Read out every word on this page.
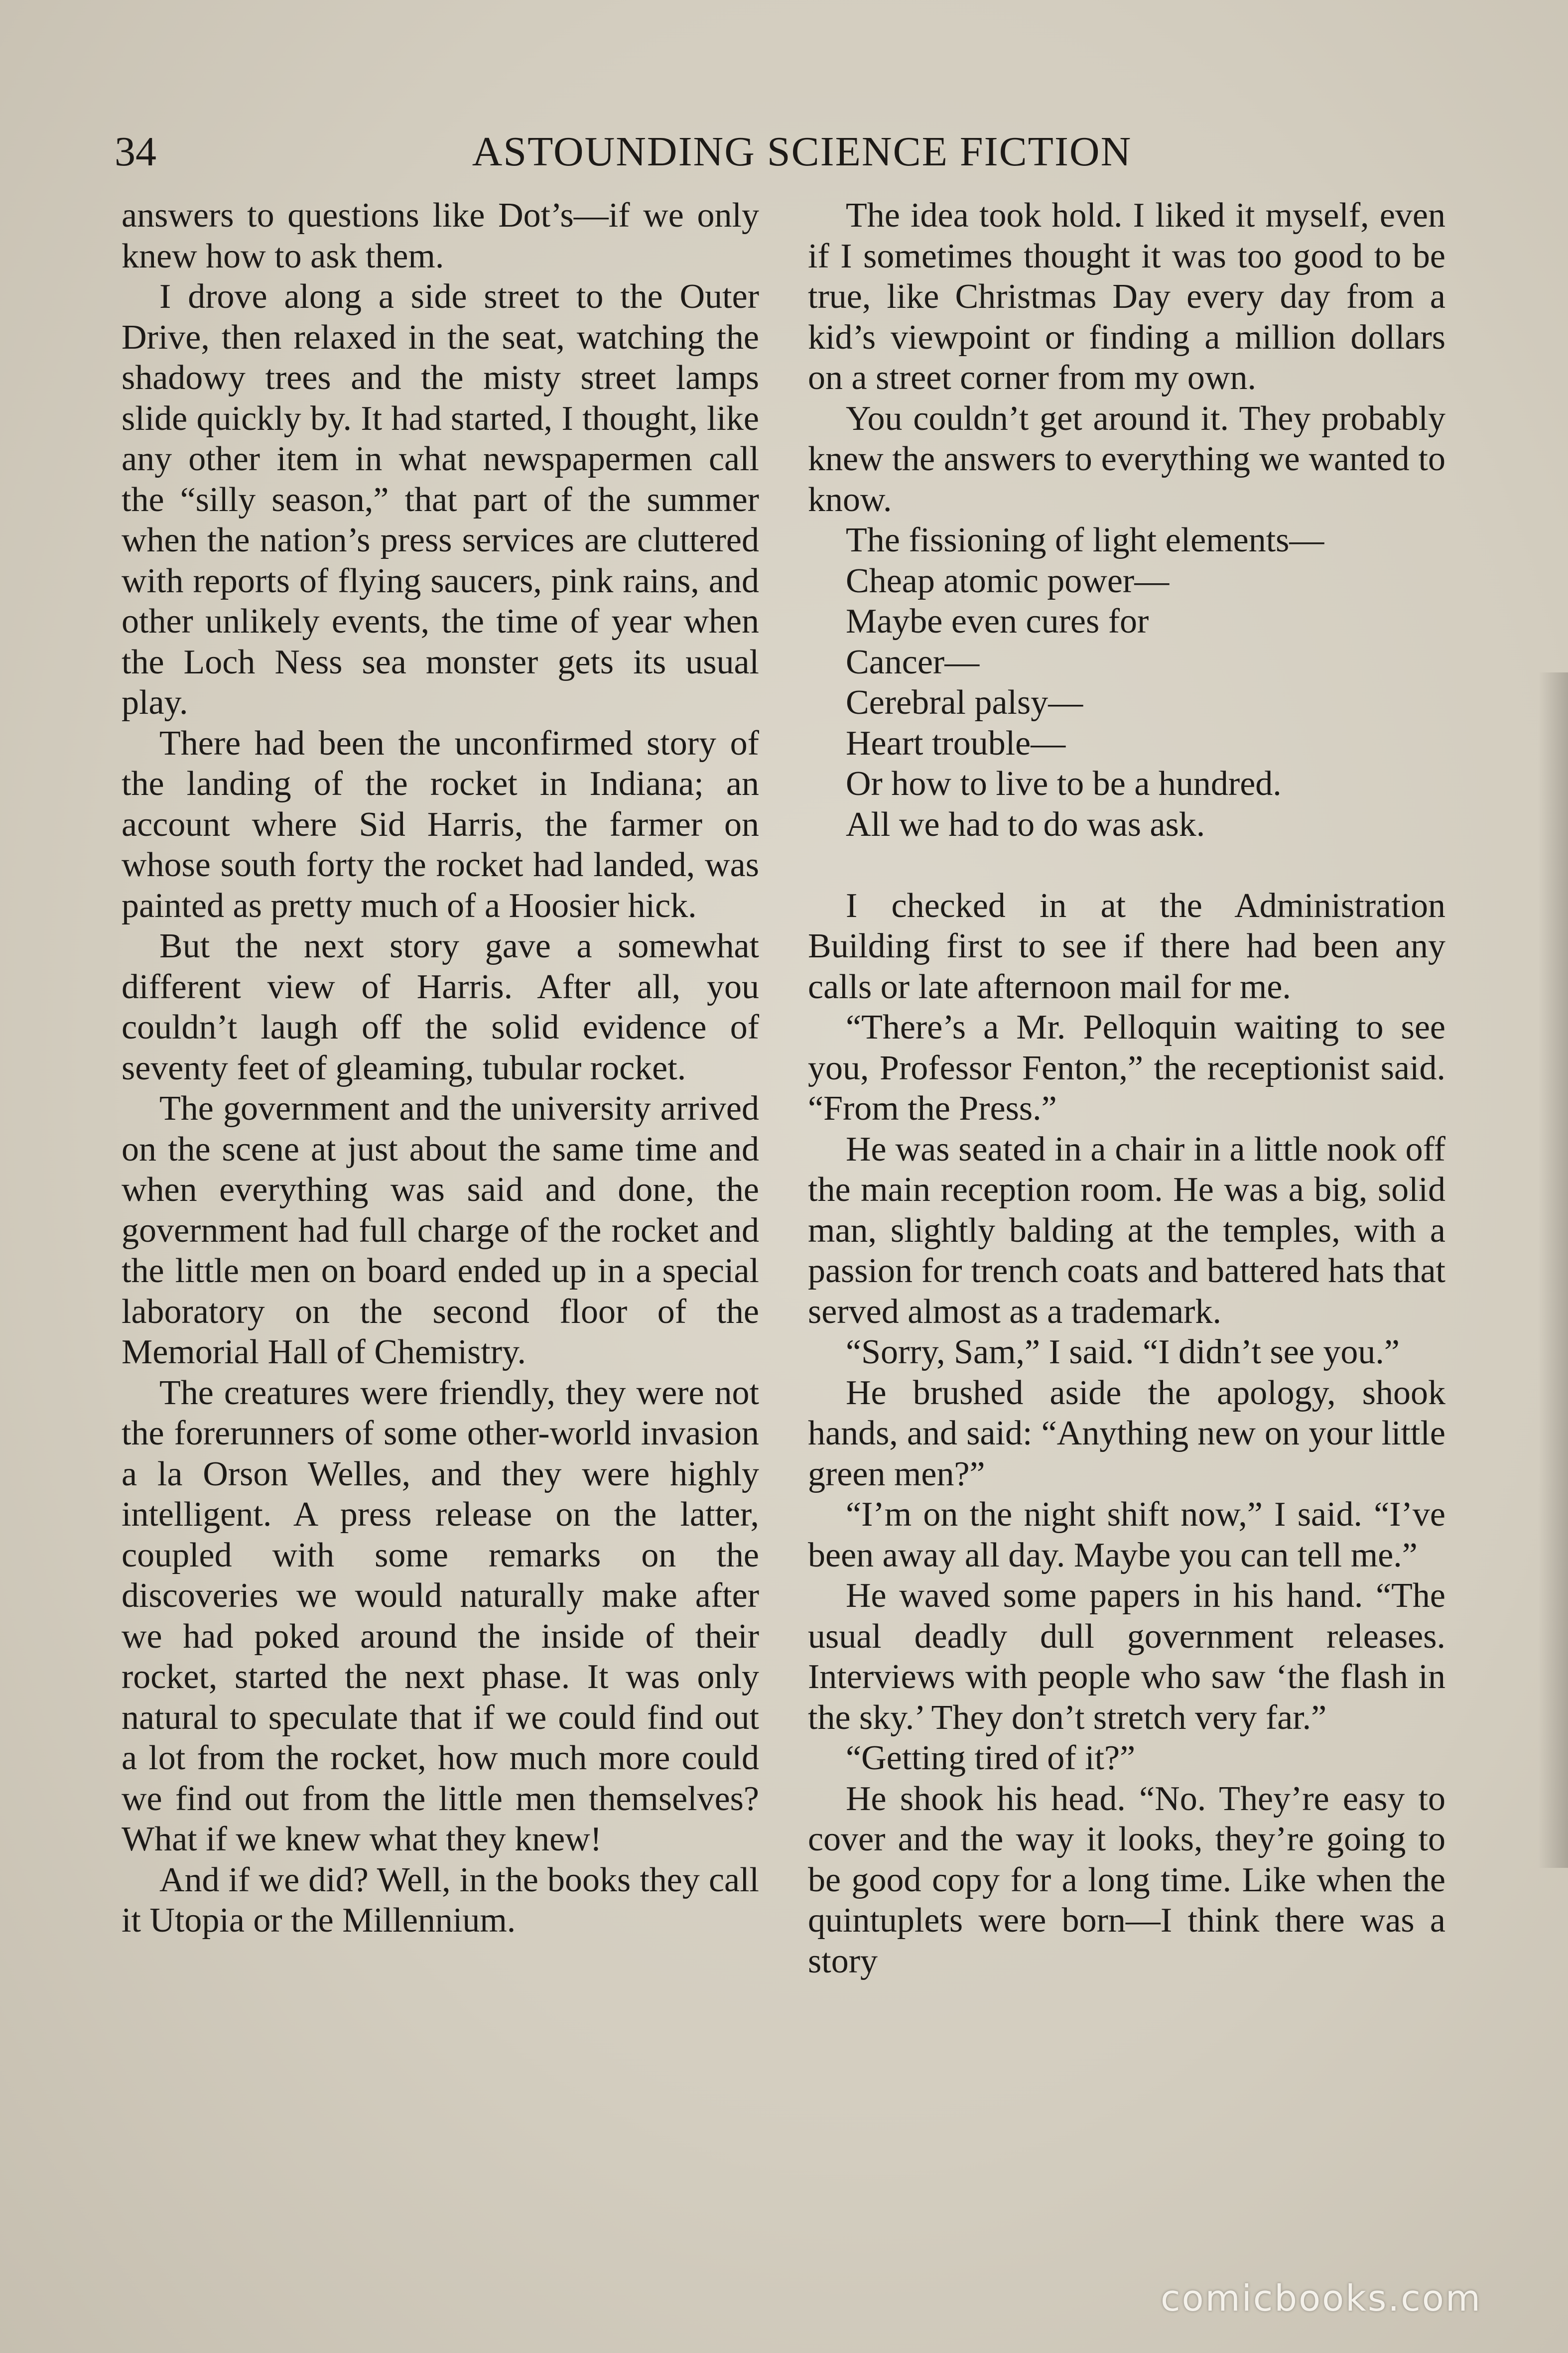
34	ASTOUNDING SCIENCE FICTION

answers to questions like Dot’s—if we only knew how to ask them.

I drove along a side street to the Outer Drive, then relaxed in the seat, watching the shadowy trees and the misty street lamps slide quickly by. It had started, I thought, like any other item in what newspapermen call the “silly season,” that part of the summer when the nation’s press services are cluttered with reports of flying saucers, pink rains, and other unlikely events, the time of year when the Loch Ness sea monster gets its usual play.

There had been the unconfirmed story of the landing of the rocket in Indiana; an account where Sid Harris, the farmer on whose south forty the rocket had landed, was painted as pretty much of a Hoosier hick.

But the next story gave a somewhat different view of Harris. After all, you couldn’t laugh off the solid evidence of seventy feet of gleaming, tubular rocket.

The government and the university arrived on the scene at just about the same time and when everything was said and done, the government had full charge of the rocket and the little men on board ended up in a special laboratory on the second floor of the Memorial Hall of Chemistry.

The creatures were friendly, they were not the forerunners of some other-world invasion a la Orson Welles, and they were highly intelligent. A press release on the latter, coupled with some remarks on the discoveries we would naturally make after we had poked around the inside of their rocket, started the next phase. It was only natural to speculate that if we could find out a lot from the rocket, how much more could we find out from the little men themselves? What if we knew what they knew!

And if we did? Well, in the books they call it Utopia or the Millennium.

The idea took hold. I liked it myself, even if I sometimes thought it was too good to be true, like Christmas Day every day from a kid’s viewpoint or finding a million dollars on a street corner from my own.

You couldn’t get around it. They probably knew the answers to everything we wanted to know.

The fissioning of light elements—

Cheap atomic power—

Maybe even cures for

Cancer—

Cerebral palsy—

Heart trouble—

Or how to live to be a hundred.

All we had to do was ask.

I checked in at the Administration Building first to see if there had been any calls or late afternoon mail for me.

“There’s a Mr. Pelloquin waiting to see you, Professor Fenton,” the receptionist said. “From the Press.”

He was seated in a chair in a little nook off the main reception room. He was a big, solid man, slightly balding at the temples, with a passion for trench coats and battered hats that served almost as a trademark.

“Sorry, Sam,” I said. “I didn’t see you.”

He brushed aside the apology, shook hands, and said: “Anything new on your little green men?”

“I’m on the night shift now,” I said. “I’ve been away all day. Maybe you can tell me.”

He waved some papers in his hand. “The usual deadly dull government releases. Interviews with people who saw ‘the flash in the sky.’ They don’t stretch very far.”

“Getting tired of it?”

He shook his head. “No. They’re easy to cover and the way it looks, they’re going to be good copy for a long time. Like when the quintuplets were born—I think there was a story

comicbooks.com
